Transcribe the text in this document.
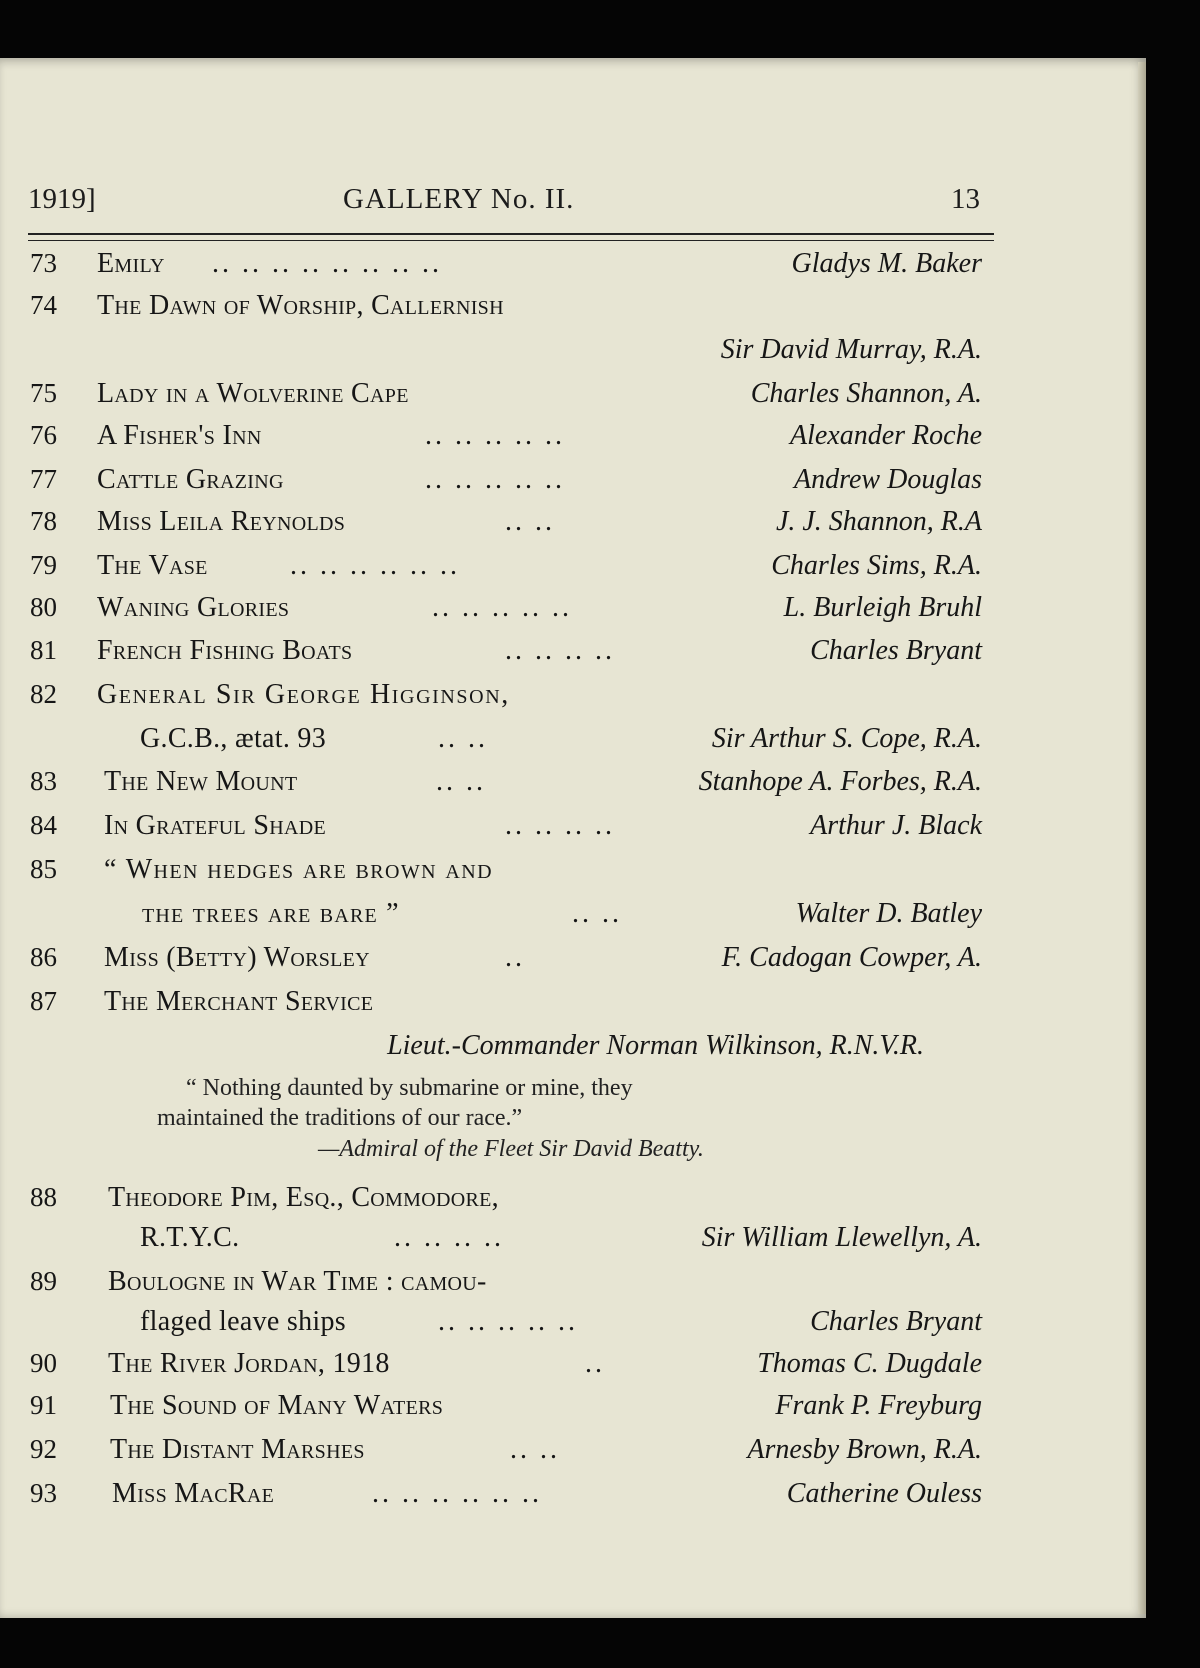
1919]	GALLERY No. II.	13
73 Emily .. .. .. .. .. .. .. ..	Gladys M. Baker
74 The Dawn of Worship, Callernish
Sir David Murray, R.A.
75 Lady in a Wolverine Cape	Charles Shannon, A.
76 A Fisher's Inn	.. .. .. .. ..	Alexander Roche
77 Cattle Grazing	.. .. .. .. ..	Andrew Douglas
78 Miss Leila Reynolds	.. ..	J. J. Shannon, R.A
79 The Vase	.. .. .. .. .. ..	Charles Sims, R.A.
80 Waning Glories	.. .. .. .. ..	L. Burleigh Bruhl
81 French Fishing Boats	.. .. .. ..	Charles Bryant
82 General Sir George Higginson,
G.C.B., ætat. 93	.. ..	Sir Arthur S. Cope, R.A.
83 The New Mount	.. ..	Stanhope A. Forbes, R.A.
84 In Grateful Shade	.. .. .. ..	Arthur J. Black
85 “ When hedges are brown and
the trees are bare ”	.. ..	Walter D. Batley
86 Miss (Betty) Worsley	..	F. Cadogan Cowper, A.
87 The Merchant Service
Lieut.-Commander Norman Wilkinson, R.N.V.R.
“ Nothing daunted by submarine or mine, they
maintained the traditions of our race.”
—Admiral of the Fleet Sir David Beatty.
88 Theodore Pim, Esq., Commodore,
R.T.Y.C.	.. .. .. ..	Sir William Llewellyn, A.
89 Boulogne in War Time : camou-
flaged leave ships	.. .. .. .. ..	Charles Bryant
90 The River Jordan, 1918	..	Thomas C. Dugdale
91 The Sound of Many Waters	Frank P. Freyburg
92 The Distant Marshes	.. ..	Arnesby Brown, R.A.
93 Miss MacRae	.. .. .. .. .. ..	Catherine Ouless
